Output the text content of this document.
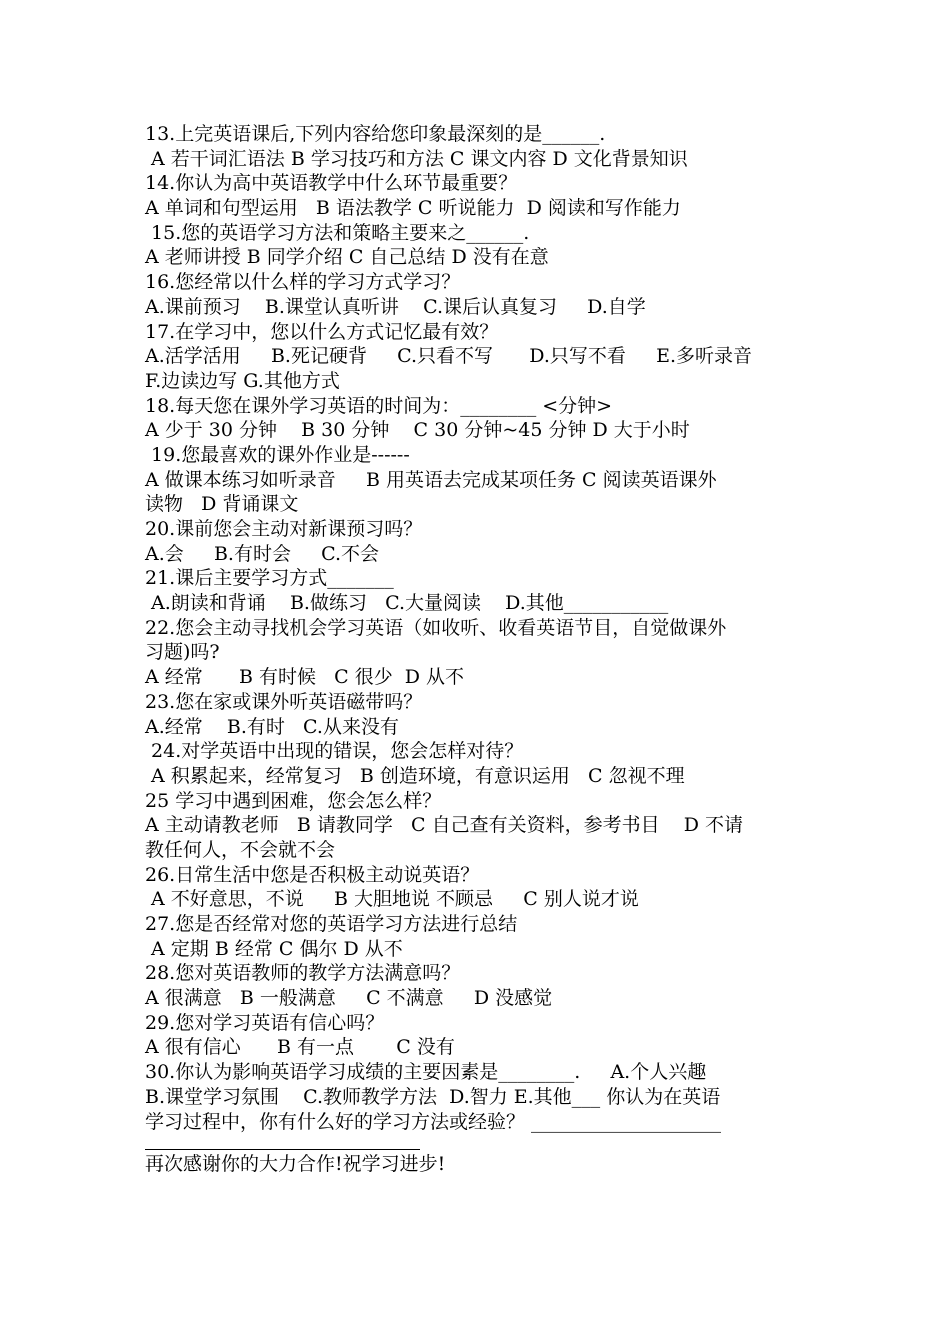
13.上完英语课后,下列内容给您印象最深刻的是______.
A 若干词汇语法 B 学习技巧和方法 C 课文内容 D 文化背景知识
14.你认为高中英语教学中什么环节最重要？
A 单词和句型运用   B 语法教学 C 听说能力  D 阅读和写作能力
15.您的英语学习方法和策略主要来之______.
A 老师讲授 B 同学介绍 C 自己总结 D 没有在意
16.您经常以什么样的学习方式学习？
A.课前预习    B.课堂认真听讲    C.课后认真复习     D.自学
17.在学习中，您以什么方式记忆最有效？
A.活学活用     B.死记硬背     C.只看不写      D.只写不看     E.多听录音
F.边读边写 G.其他方式
18.每天您在课外学习英语的时间为：________ <分钟>
A 少于 30 分钟    B 30 分钟    C 30 分钟~45 分钟 D 大于小时
19.您最喜欢的课外作业是------
A 做课本练习如听录音     B 用英语去完成某项任务 C 阅读英语课外
读物   D 背诵课文
20.课前您会主动对新课预习吗？
A.会     B.有时会     C.不会
21.课后主要学习方式_______
A.朗读和背诵    B.做练习   C.大量阅读    D.其他___________
22.您会主动寻找机会学习英语（如收听、收看英语节目，自觉做课外
习题)吗?
A 经常      B 有时候   C 很少  D 从不
23.您在家或课外听英语磁带吗？
A.经常    B.有时   C.从来没有
24.对学英语中出现的错误，您会怎样对待？
A 积累起来，经常复习   B 创造环境，有意识运用   C 忽视不理
25 学习中遇到困难，您会怎么样？
A 主动请教老师   B 请教同学   C 自己查有关资料，参考书目    D 不请
教任何人，不会就不会
26.日常生活中您是否积极主动说英语？
A 不好意思，不说     B 大胆地说 不顾忌     C 别人说才说
27.您是否经常对您的英语学习方法进行总结
A 定期 B 经常 C 偶尔 D 从不
28.您对英语教师的教学方法满意吗？
A 很满意   B 一般满意     C 不满意     D 没感觉
29.您对学习英语有信心吗？
A 很有信心      B 有一点       C 没有
30.你认为影响英语学习成绩的主要因素是________.     A.个人兴趣
B.课堂学习氛围    C.教师教学方法  D.智力 E.其他___ 你认为在英语
学习过程中，你有什么好的学习方法或经验？ ____________________
再次感谢你的大力合作!祝学习进步!
